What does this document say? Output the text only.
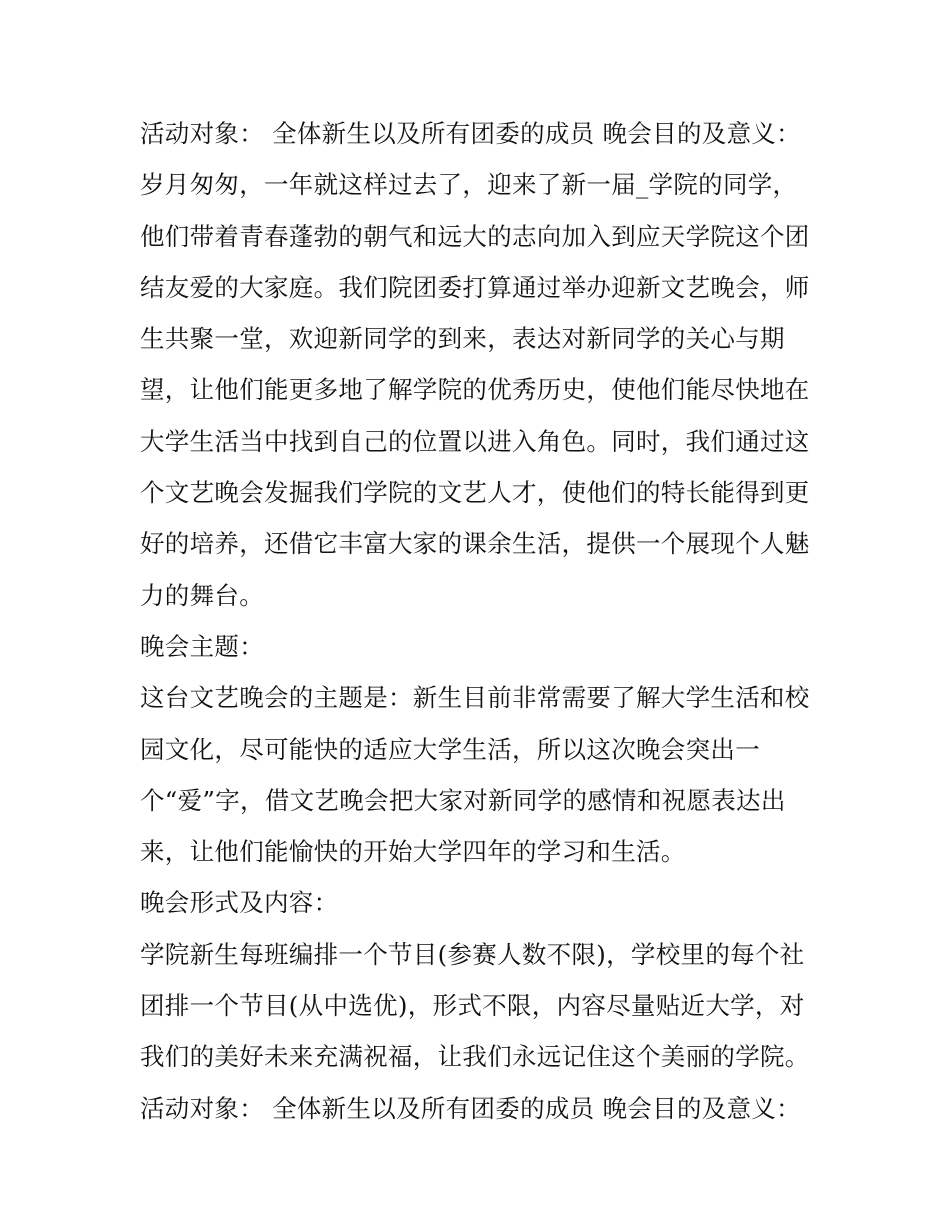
活动对象： 全体新生以及所有团委的成员 晚会目的及意义：
岁月匆匆，一年就这样过去了，迎来了新一届_学院的同学，
他们带着青春蓬勃的朝气和远大的志向加入到应天学院这个团
结友爱的大家庭。我们院团委打算通过举办迎新文艺晚会，师
生共聚一堂，欢迎新同学的到来，表达对新同学的关心与期
望，让他们能更多地了解学院的优秀历史，使他们能尽快地在
大学生活当中找到自己的位置以进入角色。同时，我们通过这
个文艺晚会发掘我们学院的文艺人才，使他们的特长能得到更
好的培养，还借它丰富大家的课余生活，提供一个展现个人魅
力的舞台。
晚会主题：
这台文艺晚会的主题是：新生目前非常需要了解大学生活和校
园文化，尽可能快的适应大学生活，所以这次晚会突出一
个“爱”字，借文艺晚会把大家对新同学的感情和祝愿表达出
来，让他们能愉快的开始大学四年的学习和生活。
晚会形式及内容：
学院新生每班编排一个节目(参赛人数不限)，学校里的每个社
团排一个节目(从中选优)，形式不限，内容尽量贴近大学，对
我们的美好未来充满祝福，让我们永远记住这个美丽的学院。
活动对象： 全体新生以及所有团委的成员 晚会目的及意义：
